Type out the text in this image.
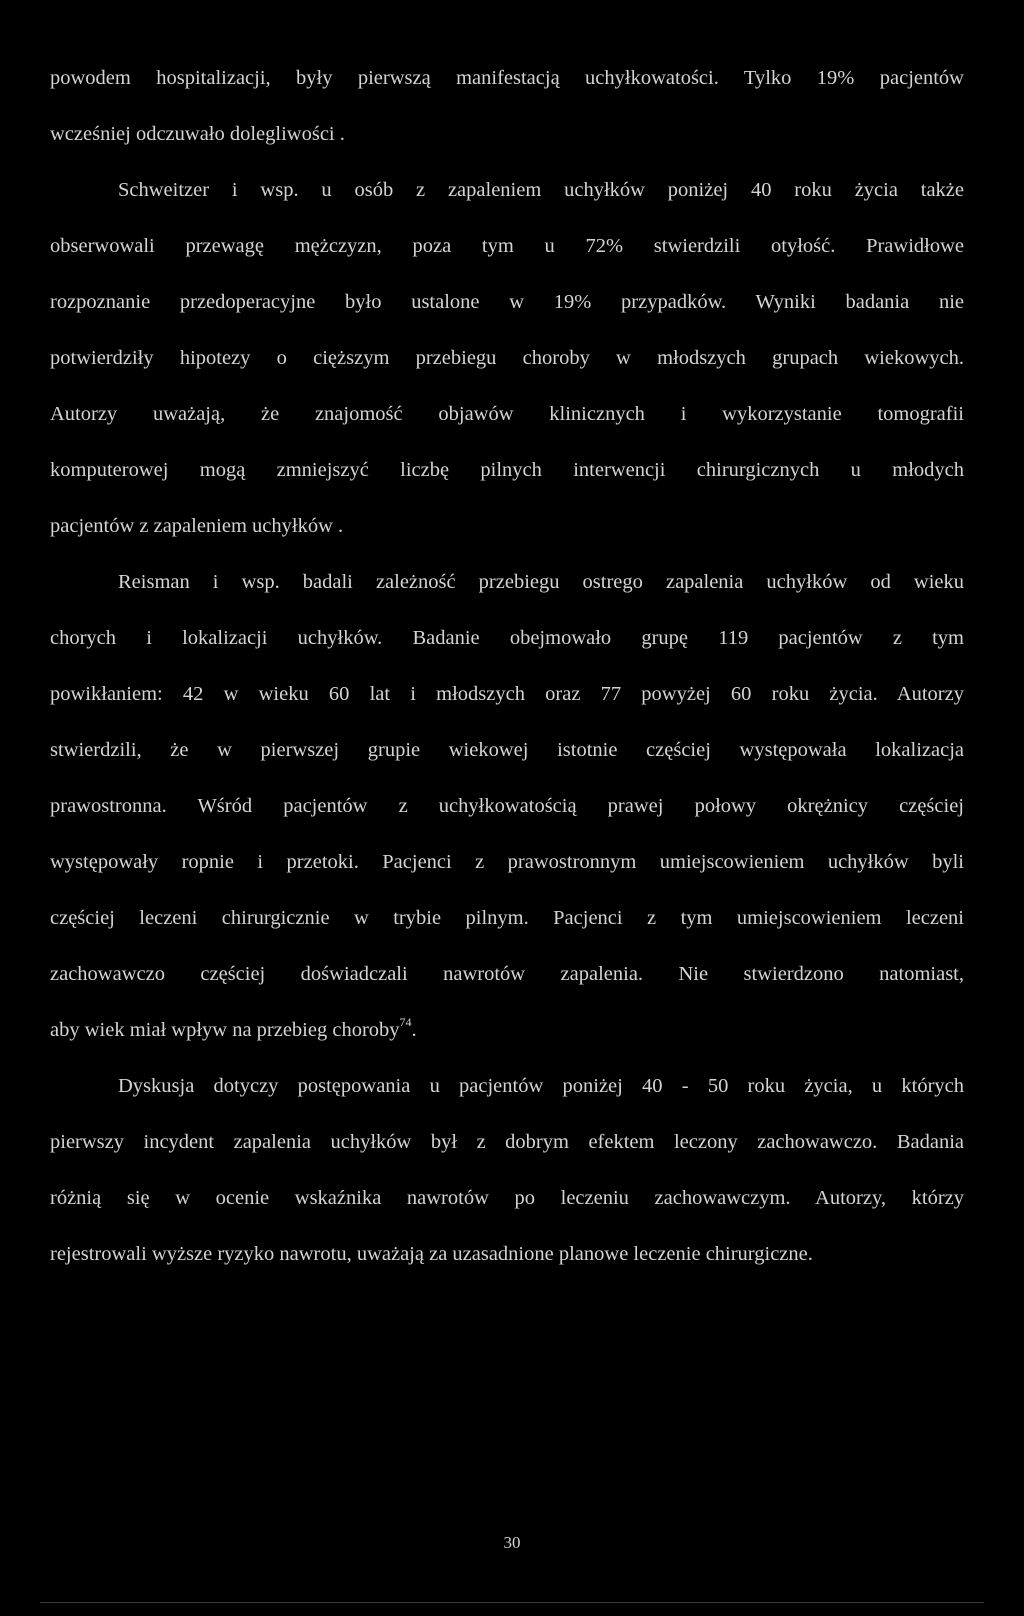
powodem hospitalizacji, były pierwszą manifestacją uchyłkowatości. Tylko 19% pacjentów
wcześniej odczuwało dolegliwości .
Schweitzer i wsp. u osób z zapaleniem uchyłków poniżej 40 roku życia także
obserwowali przewagę mężczyzn, poza tym u 72% stwierdzili otyłość. Prawidłowe
rozpoznanie przedoperacyjne było ustalone w 19% przypadków. Wyniki badania nie
potwierdziły hipotezy o cięższym przebiegu choroby w młodszych grupach wiekowych.
Autorzy uważają, że znajomość objawów klinicznych i wykorzystanie tomografii
komputerowej mogą zmniejszyć liczbę pilnych interwencji chirurgicznych u młodych
pacjentów z zapaleniem uchyłków .
Reisman i wsp. badali zależność przebiegu ostrego zapalenia uchyłków od wieku
chorych i lokalizacji uchyłków. Badanie obejmowało grupę 119 pacjentów z tym
powikłaniem: 42 w wieku 60 lat i młodszych oraz 77 powyżej 60 roku życia. Autorzy
stwierdzili, że w pierwszej grupie wiekowej istotnie częściej występowała lokalizacja
prawostronna. Wśród pacjentów z uchyłkowatością prawej połowy okrężnicy częściej
występowały ropnie i przetoki. Pacjenci z prawostronnym umiejscowieniem uchyłków byli
częściej leczeni chirurgicznie w trybie pilnym. Pacjenci z tym umiejscowieniem leczeni
zachowawczo częściej doświadczali nawrotów zapalenia. Nie stwierdzono natomiast,
aby wiek miał wpływ na przebieg choroby$^{74}$.
Dyskusja dotyczy postępowania u pacjentów poniżej 40 - 50 roku życia, u których
pierwszy incydent zapalenia uchyłków był z dobrym efektem leczony zachowawczo. Badania
różnią się w ocenie wskaźnika nawrotów po leczeniu zachowawczym. Autorzy, którzy
rejestrowali wyższe ryzyko nawrotu, uważają za uzasadnione planowe leczenie chirurgiczne.
30
